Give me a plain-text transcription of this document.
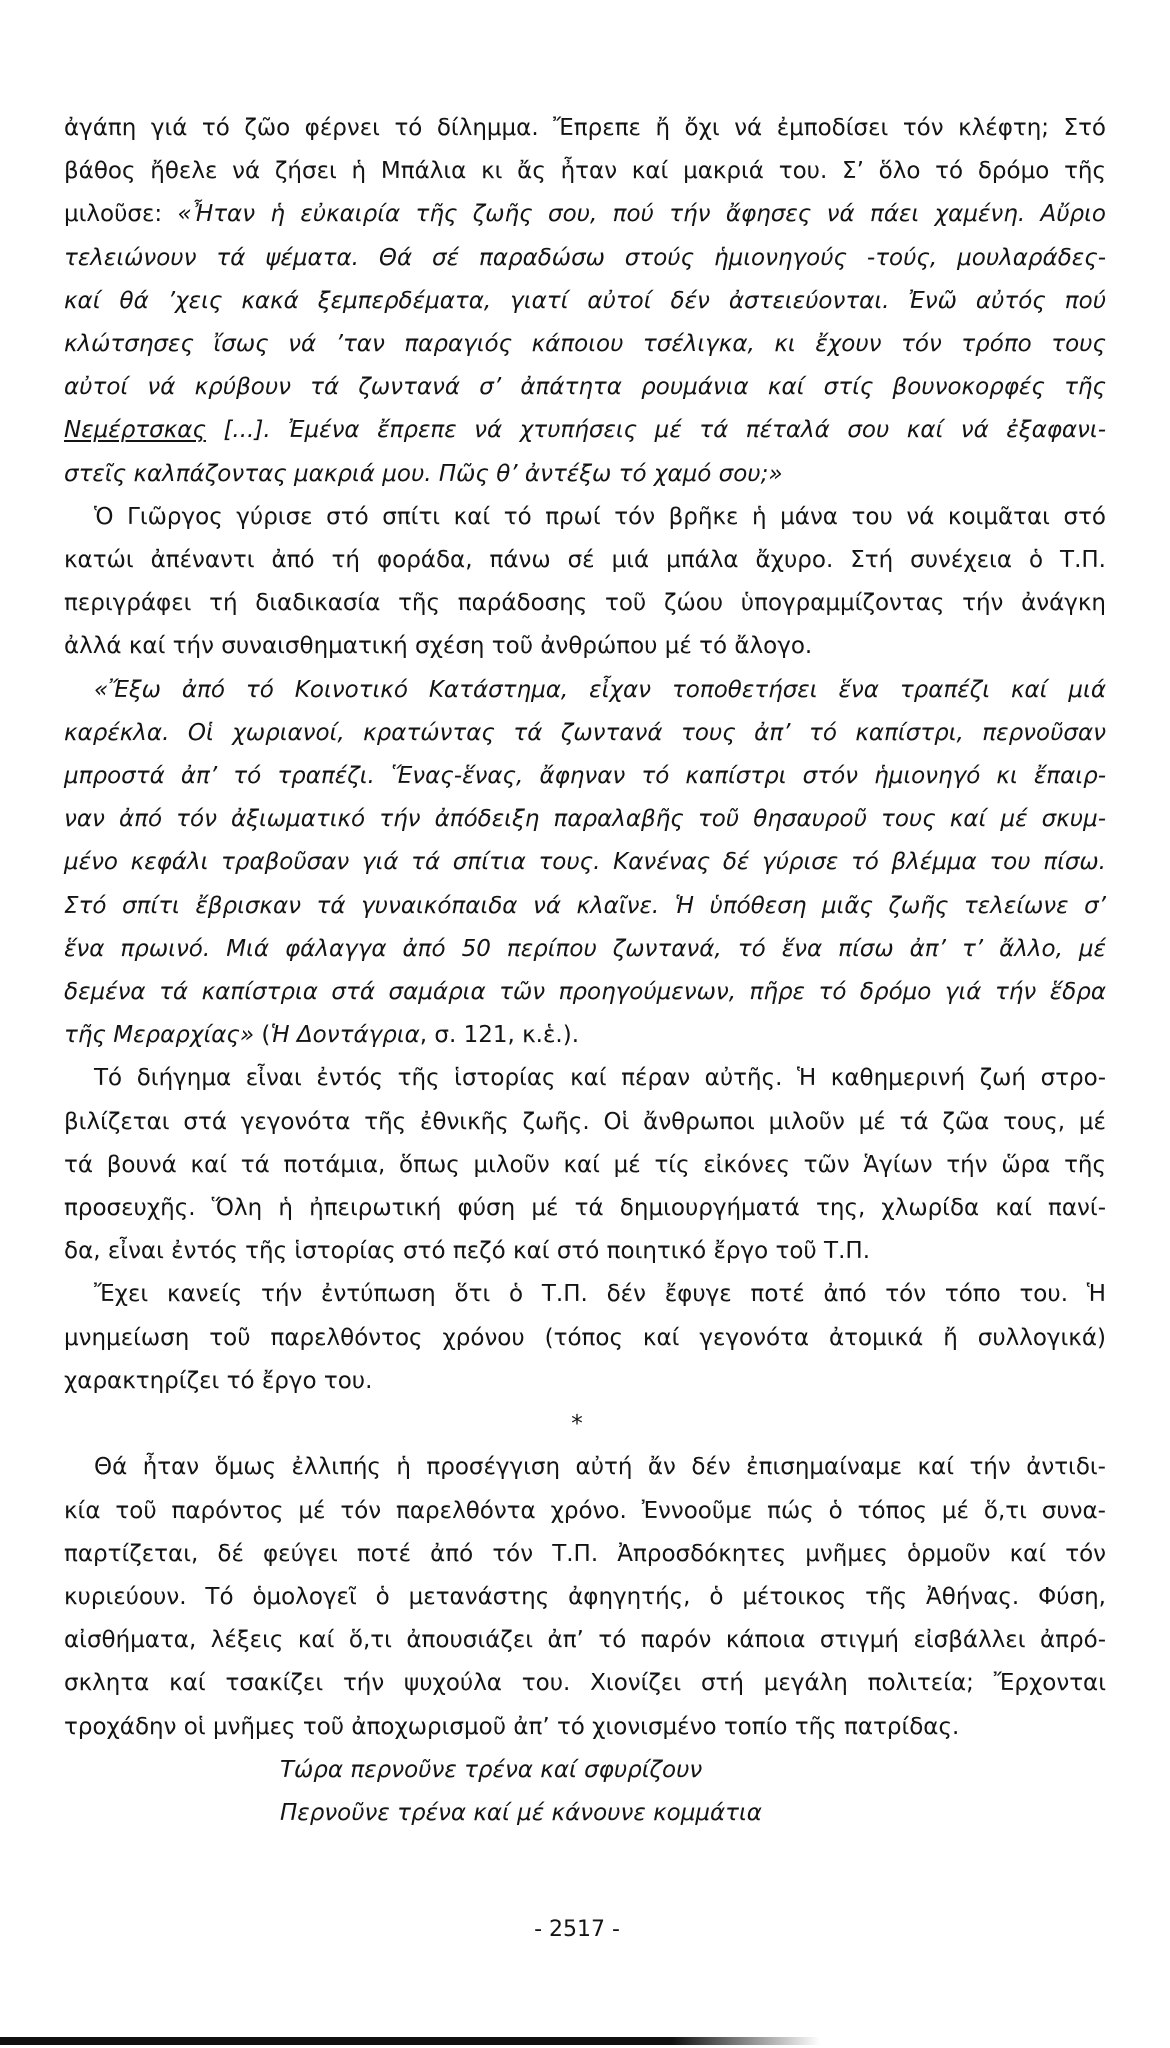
ἀγάπη γιά τό ζῶο φέρνει τό δίλημμα. Ἔπρεπε ἤ ὄχι νά ἐμποδίσει τόν κλέφτη; Στό
βάθος ἤθελε νά ζήσει ἡ Μπάλια κι ἄς ἦταν καί μακριά του. Σ’ ὅλο τό δρόμο τῆς
μιλοῦσε: «Ἦταν ἡ εὐκαιρία τῆς ζωῆς σου, πού τήν ἄφησες νά πάει χαμένη. Αὔριο
τελειώνουν τά ψέματα. Θά σέ παραδώσω στούς ἡμιονηγούς -τούς, μουλαράδες-
καί θά ’χεις κακά ξεμπερδέματα, γιατί αὐτοί δέν ἀστειεύονται. Ἐνῶ αὐτός πού
κλώτσησες ἴσως νά ’ταν παραγιός κάποιου τσέλιγκα, κι ἔχουν τόν τρόπο τους
αὐτοί νά κρύβουν τά ζωντανά σ’ ἀπάτητα ρουμάνια καί στίς βουνοκορφές τῆς
Νεμέρτσκας [...]. Ἐμένα ἔπρεπε νά χτυπήσεις μέ τά πέταλά σου καί νά ἐξαφανι-
στεῖς καλπάζοντας μακριά μου. Πῶς θ’ ἀντέξω τό χαμό σου;»
Ὁ Γιῶργος γύρισε στό σπίτι καί τό πρωί τόν βρῆκε ἡ μάνα του νά κοιμᾶται στό
κατώι ἀπέναντι ἀπό τή φοράδα, πάνω σέ μιά μπάλα ἄχυρο. Στή συνέχεια ὁ Τ.Π.
περιγράφει τή διαδικασία τῆς παράδοσης τοῦ ζώου ὑπογραμμίζοντας τήν ἀνάγκη
ἀλλά καί τήν συναισθηματική σχέση τοῦ ἀνθρώπου μέ τό ἄλογο.
«Ἔξω ἀπό τό Κοινοτικό Κατάστημα, εἶχαν τοποθετήσει ἕνα τραπέζι καί μιά
καρέκλα. Οἱ χωριανοί, κρατώντας τά ζωντανά τους ἀπ’ τό καπίστρι, περνοῦσαν
μπροστά ἀπ’ τό τραπέζι. Ἕνας-ἕνας, ἄφηναν τό καπίστρι στόν ἡμιονηγό κι ἔπαιρ-
ναν ἀπό τόν ἀξιωματικό τήν ἀπόδειξη παραλαβῆς τοῦ θησαυροῦ τους καί μέ σκυμ-
μένο κεφάλι τραβοῦσαν γιά τά σπίτια τους. Κανένας δέ γύρισε τό βλέμμα του πίσω.
Στό σπίτι ἔβρισκαν τά γυναικόπαιδα νά κλαῖνε. Ἡ ὑπόθεση μιᾶς ζωῆς τελείωνε σ’
ἕνα πρωινό. Μιά φάλαγγα ἀπό 50 περίπου ζωντανά, τό ἕνα πίσω ἀπ’ τ’ ἄλλο, μέ
δεμένα τά καπίστρια στά σαμάρια τῶν προηγούμενων, πῆρε τό δρόμο γιά τήν ἕδρα
τῆς Μεραρχίας» (Ἡ Δοντάγρια, σ. 121, κ.ἑ.).
Τό διήγημα εἶναι ἐντός τῆς ἱστορίας καί πέραν αὐτῆς. Ἡ καθημερινή ζωή στρο-
βιλίζεται στά γεγονότα τῆς ἐθνικῆς ζωῆς. Οἱ ἄνθρωποι μιλοῦν μέ τά ζῶα τους, μέ
τά βουνά καί τά ποτάμια, ὅπως μιλοῦν καί μέ τίς εἰκόνες τῶν Ἁγίων τήν ὥρα τῆς
προσευχῆς. Ὅλη ἡ ἠπειρωτική φύση μέ τά δημιουργήματά της, χλωρίδα καί πανί-
δα, εἶναι ἐντός τῆς ἱστορίας στό πεζό καί στό ποιητικό ἔργο τοῦ Τ.Π.
Ἔχει κανείς τήν ἐντύπωση ὅτι ὁ Τ.Π. δέν ἔφυγε ποτέ ἀπό τόν τόπο του. Ἡ
μνημείωση τοῦ παρελθόντος χρόνου (τόπος καί γεγονότα ἀτομικά ἤ συλλογικά)
χαρακτηρίζει τό ἔργο του.
*
Θά ἦταν ὅμως ἐλλιπής ἡ προσέγγιση αὐτή ἄν δέν ἐπισημαίναμε καί τήν ἀντιδι-
κία τοῦ παρόντος μέ τόν παρελθόντα χρόνο. Ἐννοοῦμε πώς ὁ τόπος μέ ὅ,τι συνα-
παρτίζεται, δέ φεύγει ποτέ ἀπό τόν Τ.Π. Ἀπροσδόκητες μνῆμες ὁρμοῦν καί τόν
κυριεύουν. Τό ὁμολογεῖ ὁ μετανάστης ἀφηγητής, ὁ μέτοικος τῆς Ἀθήνας. Φύση,
αἰσθήματα, λέξεις καί ὅ,τι ἀπουσιάζει ἀπ’ τό παρόν κάποια στιγμή εἰσβάλλει ἀπρό-
σκλητα καί τσακίζει τήν ψυχούλα του. Χιονίζει στή μεγάλη πολιτεία; Ἔρχονται
τροχάδην οἱ μνῆμες τοῦ ἀποχωρισμοῦ ἀπ’ τό χιονισμένο τοπίο τῆς πατρίδας.
Τώρα περνοῦνε τρένα καί σφυρίζουν
Περνοῦνε τρένα καί μέ κάνουνε κομμάτια
- 2517 -
